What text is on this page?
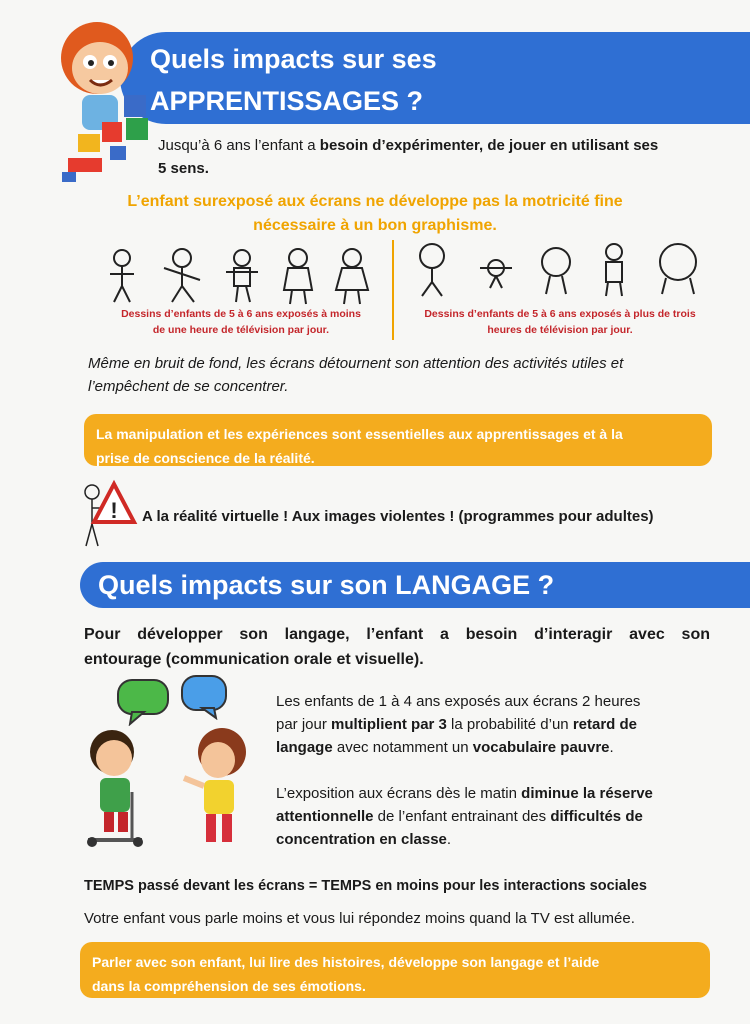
Quels impacts sur ses
APPRENTISSAGES ?
Jusqu’à 6 ans l’enfant a besoin d’expérimenter, de jouer en utilisant ses
5 sens.
L’enfant surexposé aux écrans ne développe pas la motricité fine
nécessaire à un bon graphisme.
Dessins d’enfants de 5 à 6 ans exposés à moins
de une heure de télévision par jour.
Dessins d’enfants de 5 à 6 ans exposés à plus de trois
heures de télévision par jour.
Même en bruit de fond, les écrans détournent son attention des activités utiles et
l’empêchent de se concentrer.
La manipulation et les expériences sont essentielles aux apprentissages et à la
prise de conscience de la réalité.
! A la réalité virtuelle ! Aux images violentes ! (programmes pour adultes)
Quels impacts sur son LANGAGE ?
Pour développer son langage, l’enfant a besoin d’interagir avec son
entourage (communication orale et visuelle).
Les enfants de 1 à 4 ans exposés aux écrans 2 heures
par jour multiplient par 3 la probabilité d’un retard de
langage avec notamment un vocabulaire pauvre.
L’exposition aux écrans dès le matin diminue la réserve
attentionnelle de l’enfant entrainant des difficultés de
concentration en classe.
TEMPS passé devant les écrans = TEMPS en moins pour les interactions sociales
Votre enfant vous parle moins et vous lui répondez moins quand la TV est allumée.
Parler avec son enfant, lui lire des histoires, développe son langage et l’aide
dans la compréhension de ses émotions.
